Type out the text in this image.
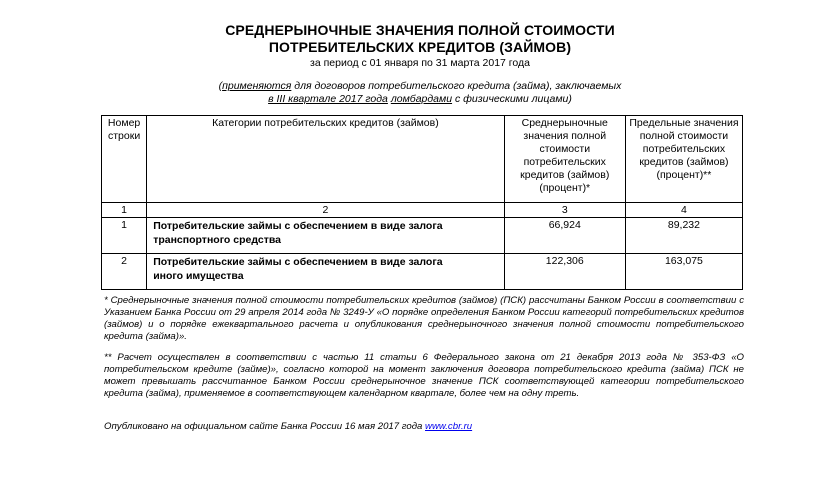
СРЕДНЕРЫНОЧНЫЕ ЗНАЧЕНИЯ ПОЛНОЙ СТОИМОСТИ
ПОТРЕБИТЕЛЬСКИХ КРЕДИТОВ (ЗАЙМОВ)
за период с 01 января по 31 марта 2017 года
(применяются для договоров потребительского кредита (займа), заключаемых
в III квартале 2017 года ломбардами с физическими лицами)
Номер строки	Категории потребительских кредитов (займов)	Среднерыночные значения полной стоимости потребительских кредитов (займов) (процент)*	Предельные значения полной стоимости потребительских кредитов (займов) (процент)**
1	2	3	4
1	Потребительские займы с обеспечением в виде залога
транспортного средства	66,924	89,232
2	Потребительские займы с обеспечением в виде залога
иного имущества	122,306	163,075
* Среднерыночные значения полной стоимости потребительских кредитов (займов) (ПСК) рассчитаны Банком России в соответствии с Указанием Банка России от 29 апреля 2014 года № 3249-У «О порядке определения Банком России категорий потребительских кредитов (займов) и о порядке ежеквартального расчета и опубликования среднерыночного значения полной стоимости потребительского кредита (займа)».
** Расчет осуществлен в соответствии с частью 11 статьи 6 Федерального закона от 21 декабря 2013 года № 353-ФЗ «О потребительском кредите (займе)», согласно которой на момент заключения договора потребительского кредита (займа) ПСК не может превышать рассчитанное Банком России среднерыночное значение ПСК соответствующей категории потребительского кредита (займа), применяемое в соответствующем календарном квартале, более чем на одну треть.
Опубликовано на официальном сайте Банка России 16 мая 2017 года www.cbr.ru
